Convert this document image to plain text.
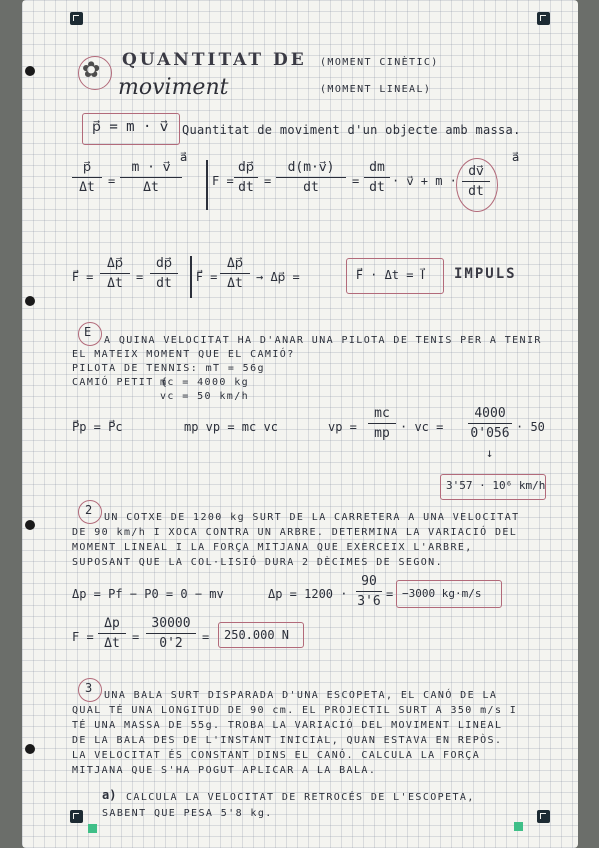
✿ QUANTITAT DE
moviment
(MOMENT CINÈTIC)
(MOMENT LINEAL)
p⃗ = m · v⃗ Quantitat de moviment d'un objecte amb massa.
p⃗
Δt =
m · v⃗
Δt
a⃗
F =
dp⃗
dt =
d(m·v⃗)
dt	=
dm
dt · v⃗ + m ·
dv⃗
dt
a⃗
F⃗ =
Δp⃗
Δt =
dp⃗
dt F⃗ =
Δp⃗
Δt → Δp⃗ =	F⃗ · Δt = I⃗ IMPULS
E
A QUINA VELOCITAT HA D'ANAR UNA PILOTA DE TENIS PER A TENIR
EL MATEIX MOMENT QUE EL CAMIÓ?
PILOTA DE TENNIS: mT = 56g
CAMIÓ PETIT {
mc = 4000 kg
vc = 50 km/h
P⃗p = P⃗c	mp vp = mc vc	vp =
mc
mp · vc =
4000
0'056 · 50
↓
3'57 · 10⁶ km/h
2
UN COTXE DE 1200 kg SURT DE LA CARRETERA A UNA VELOCITAT
DE 90 km/h I XOCA CONTRA UN ARBRE. DETERMINA LA VARIACIÓ DEL
MOMENT LINEAL I LA FORÇA MITJANA QUE EXERCEIX L'ARBRE,
SUPOSANT QUE LA COL·LISIÓ DURA 2 DÈCIMES DE SEGON.
Δp = Pf − P0 = 0 − mv	Δp = 1200 ·
90
3'6
= −3000 kg·m/s
F =
Δp
Δt =
30000
0'2 = 250.000 N
3
UNA BALA SURT DISPARADA D'UNA ESCOPETA, EL CANÓ DE LA
QUAL TÉ UNA LONGITUD DE 90 cm. EL PROJECTIL SURT A 350 m/s I
TÉ UNA MASSA DE 55g. TROBA LA VARIACIÓ DEL MOVIMENT LINEAL
DE LA BALA DES DE L'INSTANT INICIAL, QUAN ESTAVA EN REPÒS.
LA VELOCITAT ÉS CONSTANT DINS EL CANÓ. CALCULA LA FORÇA
MITJANA QUE S'HA POGUT APLICAR A LA BALA.
a) CALCULA LA VELOCITAT DE RETROCÉS DE L'ESCOPETA,
SABENT QUE PESA 5'8 kg.
